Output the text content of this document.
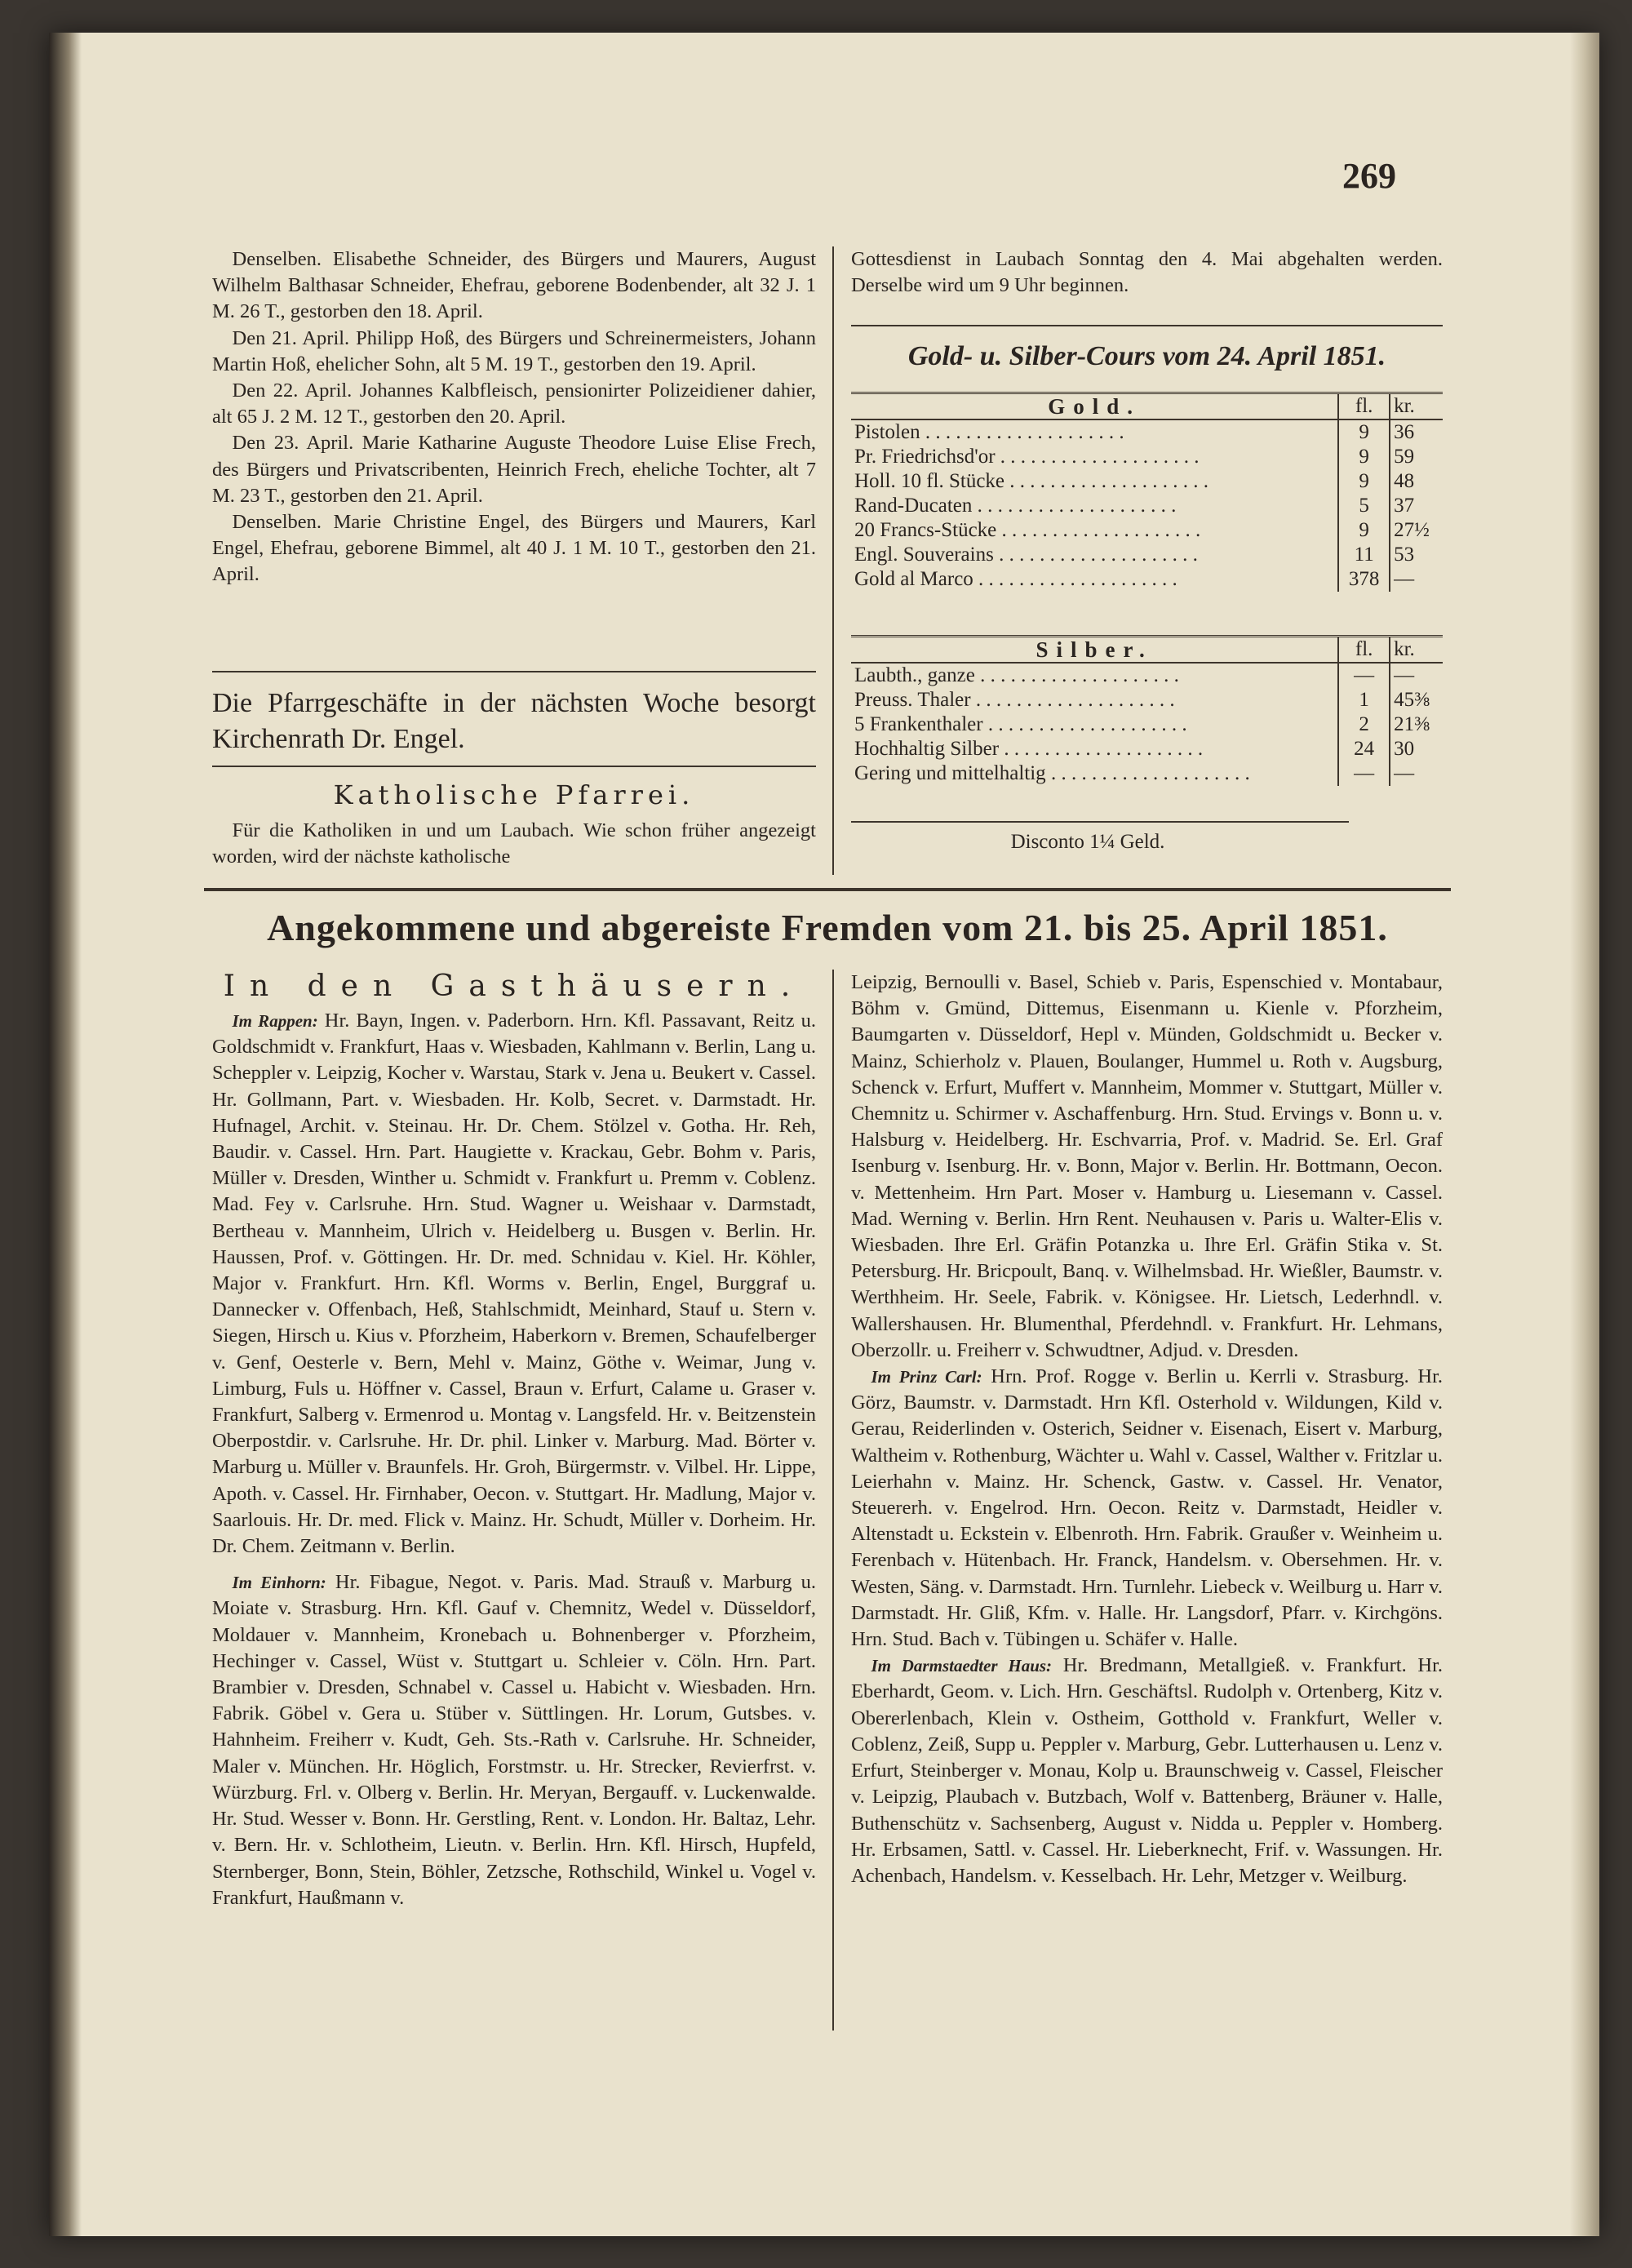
269

 Denselben. Elisabethe Schneider, des Bürgers und Maurers, August Wilhelm Balthasar Schneider, Ehefrau, geborene Bodenbender, alt 32 J. 1 M. 26 T., gestorben den 18. April.

 Den 21. April. Philipp Hoß, des Bürgers und Schreinermeisters, Johann Martin Hoß, ehelicher Sohn, alt 5 M. 19 T., gestorben den 19. April.

 Den 22. April. Johannes Kalbfleisch, pensionirter Polizeidiener dahier, alt 65 J. 2 M. 12 T., gestorben den 20. April.

 Den 23. April. Marie Katharine Auguste Theodore Luise Elise Frech, des Bürgers und Privatscribenten, Heinrich Frech, eheliche Tochter, alt 7 M. 23 T., gestorben den 21. April.

 Denselben. Marie Christine Engel, des Bürgers und Maurers, Karl Engel, Ehefrau, geborene Bimmel, alt 40 J. 1 M. 10 T., gestorben den 21. April.

Die Pfarrgeschäfte in der nächsten Woche besorgt Kirchenrath Dr. Engel.
Katholische Pfarrei.

 Für die Katholiken in und um Laubach. Wie schon früher angezeigt worden, wird der nächste katholische

Gottesdienst in Laubach Sonntag den 4. Mai abgehalten werden. Derselbe wird um 9 Uhr beginnen.
Gold- u. Silber-Cours vom 24. April 1851.
Gold.	fl.	kr.
Pistolen . . .	9	36
Pr. Friedrichsd'or . . .	9	59
Holl. 10 fl. Stücke . . .	9	48
Rand-Ducaten . . .	5	37
20 Francs-Stücke . . .	9	27½
Engl. Souverains . . .	11	53
Gold al Marco . . .	378	—
Silber.	fl.	kr.
Laubth., ganze . . .	—	—
Preuss. Thaler . . .	1	45⅜
5 Frankenthaler . . .	2	21⅜
Hochhaltig Silber . . .	24	30
Gering und mittelhaltig . . .	—	—
Disconto 1¼ Geld.
Angekommene und abgereiste Fremden vom 21. bis 25. April 1851.
In den Gasthäusern.

 Im Rappen: Hr. Bayn, Ingen. v. Paderborn. Hrn. Kfl. Passavant, Reitz u. Goldschmidt v. Frankfurt, Haas v. Wiesbaden, Kahlmann v. Berlin, Lang u. Scheppler v. Leipzig, Kocher v. Warstau, Stark v. Jena u. Beukert v. Cassel. Hr. Gollmann, Part. v. Wiesbaden. Hr. Kolb, Secret. v. Darmstadt. Hr. Hufnagel, Archit. v. Steinau. Hr. Dr. Chem. Stölzel v. Gotha. Hr. Reh, Baudir. v. Cassel. Hrn. Part. Haugiette v. Krackau, Gebr. Bohm v. Paris, Müller v. Dresden, Winther u. Schmidt v. Frankfurt u. Premm v. Coblenz. Mad. Fey v. Carlsruhe. Hrn. Stud. Wagner u. Weishaar v. Darmstadt, Bertheau v. Mannheim, Ulrich v. Heidelberg u. Busgen v. Berlin. Hr. Haussen, Prof. v. Göttingen. Hr. Dr. med. Schnidau v. Kiel. Hr. Köhler, Major v. Frankfurt. Hrn. Kfl. Worms v. Berlin, Engel, Burggraf u. Dannecker v. Offenbach, Heß, Stahlschmidt, Meinhard, Stauf u. Stern v. Siegen, Hirsch u. Kius v. Pforzheim, Haberkorn v. Bremen, Schaufelberger v. Genf, Oesterle v. Bern, Mehl v. Mainz, Göthe v. Weimar, Jung v. Limburg, Fuls u. Höffner v. Cassel, Braun v. Erfurt, Calame u. Graser v. Frankfurt, Salberg v. Ermenrod u. Montag v. Langsfeld. Hr. v. Beitzenstein Oberpostdir. v. Carlsruhe. Hr. Dr. phil. Linker v. Marburg. Mad. Börter v. Marburg u. Müller v. Braunfels. Hr. Groh, Bürgermstr. v. Vilbel. Hr. Lippe, Apoth. v. Cassel. Hr. Firnhaber, Oecon. v. Stuttgart. Hr. Madlung, Major v. Saarlouis. Hr. Dr. med. Flick v. Mainz. Hr. Schudt, Müller v. Dorheim. Hr. Dr. Chem. Zeitmann v. Berlin.

 Im Einhorn: Hr. Fibague, Negot. v. Paris. Mad. Strauß v. Marburg u. Moiate v. Strasburg. Hrn. Kfl. Gauf v. Chemnitz, Wedel v. Düsseldorf, Moldauer v. Mannheim, Kronebach u. Bohnenberger v. Pforzheim, Hechinger v. Cassel, Wüst v. Stuttgart u. Schleier v. Cöln. Hrn. Part. Brambier v. Dresden, Schnabel v. Cassel u. Habicht v. Wiesbaden. Hrn. Fabrik. Göbel v. Gera u. Stüber v. Süttlingen. Hr. Lorum, Gutsbes. v. Hahnheim. Freiherr v. Kudt, Geh. Sts.-Rath v. Carlsruhe. Hr. Schneider, Maler v. München. Hr. Höglich, Forstmstr. u. Hr. Strecker, Revierfrst. v. Würzburg. Frl. v. Olberg v. Berlin. Hr. Meryan, Bergauff. v. Luckenwalde. Hr. Stud. Wesser v. Bonn. Hr. Gerstling, Rent. v. London. Hr. Baltaz, Lehr. v. Bern. Hr. v. Schlotheim, Lieutn. v. Berlin. Hrn. Kfl. Hirsch, Hupfeld, Sternberger, Bonn, Stein, Böhler, Zetzsche, Rothschild, Winkel u. Vogel v. Frankfurt, Haußmann v.

Leipzig, Bernoulli v. Basel, Schieb v. Paris, Espenschied v. Montabaur, Böhm v. Gmünd, Dittemus, Eisenmann u. Kienle v. Pforzheim, Baumgarten v. Düsseldorf, Hepl v. Münden, Goldschmidt u. Becker v. Mainz, Schierholz v. Plauen, Boulanger, Hummel u. Roth v. Augsburg, Schenck v. Erfurt, Muffert v. Mannheim, Mommer v. Stuttgart, Müller v. Chemnitz u. Schirmer v. Aschaffenburg. Hrn. Stud. Ervings v. Bonn u. v. Halsburg v. Heidelberg. Hr. Eschvarria, Prof. v. Madrid. Se. Erl. Graf Isenburg v. Isenburg. Hr. v. Bonn, Major v. Berlin. Hr. Bottmann, Oecon. v. Mettenheim. Hrn Part. Moser v. Hamburg u. Liesemann v. Cassel. Mad. Werning v. Berlin. Hrn Rent. Neuhausen v. Paris u. Walter-Elis v. Wiesbaden. Ihre Erl. Gräfin Potanzka u. Ihre Erl. Gräfin Stika v. St. Petersburg. Hr. Bricpoult, Banq. v. Wilhelmsbad. Hr. Wießler, Baumstr. v. Werthheim. Hr. Seele, Fabrik. v. Königsee. Hr. Lietsch, Lederhndl. v. Wallershausen. Hr. Blumenthal, Pferdehndl. v. Frankfurt. Hr. Lehmans, Oberzollr. u. Freiherr v. Schwudtner, Adjud. v. Dresden.

 Im Prinz Carl: Hrn. Prof. Rogge v. Berlin u. Kerrli v. Strasburg. Hr. Görz, Baumstr. v. Darmstadt. Hrn Kfl. Osterhold v. Wildungen, Kild v. Gerau, Reiderlinden v. Osterich, Seidner v. Eisenach, Eisert v. Marburg, Waltheim v. Rothenburg, Wächter u. Wahl v. Cassel, Walther v. Fritzlar u. Leierhahn v. Mainz. Hr. Schenck, Gastw. v. Cassel. Hr. Venator, Steuererh. v. Engelrod. Hrn. Oecon. Reitz v. Darmstadt, Heidler v. Altenstadt u. Eckstein v. Elbenroth. Hrn. Fabrik. Graußer v. Weinheim u. Ferenbach v. Hütenbach. Hr. Franck, Handelsm. v. Obersehmen. Hr. v. Westen, Säng. v. Darmstadt. Hrn. Turnlehr. Liebeck v. Weilburg u. Harr v. Darmstadt. Hr. Gliß, Kfm. v. Halle. Hr. Langsdorf, Pfarr. v. Kirchgöns. Hrn. Stud. Bach v. Tübingen u. Schäfer v. Halle.

 Im Darmstaedter Haus: Hr. Bredmann, Metallgieß. v. Frankfurt. Hr. Eberhardt, Geom. v. Lich. Hrn. Geschäftsl. Rudolph v. Ortenberg, Kitz v. Obererlenbach, Klein v. Ostheim, Gotthold v. Frankfurt, Weller v. Coblenz, Zeiß, Supp u. Peppler v. Marburg, Gebr. Lutterhausen u. Lenz v. Erfurt, Steinberger v. Monau, Kolp u. Braunschweig v. Cassel, Fleischer v. Leipzig, Plaubach v. Butzbach, Wolf v. Battenberg, Bräuner v. Halle, Buthenschütz v. Sachsenberg, August v. Nidda u. Peppler v. Homberg. Hr. Erbsamen, Sattl. v. Cassel. Hr. Lieberknecht, Frif. v. Wassungen. Hr. Achenbach, Handelsm. v. Kesselbach. Hr. Lehr, Metzger v. Weilburg.
